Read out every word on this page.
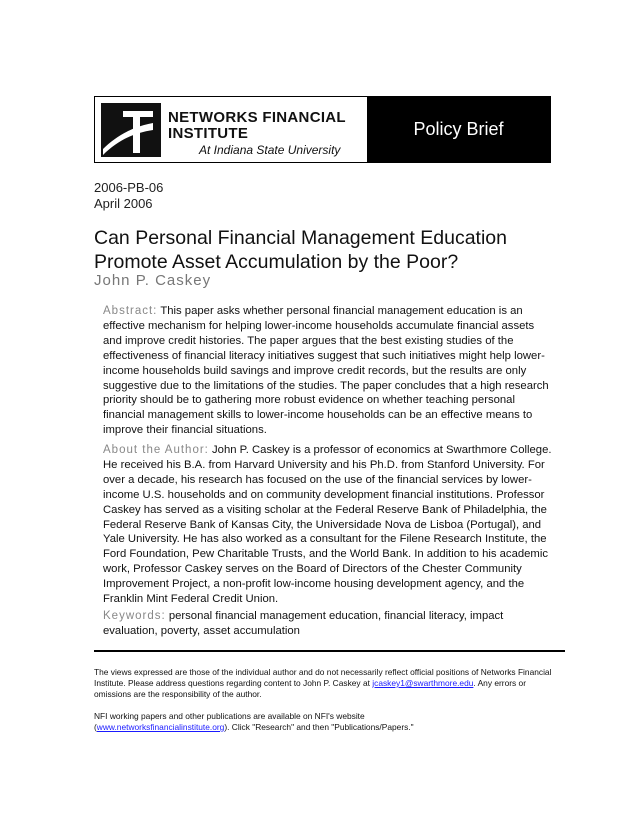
NETWORKS FINANCIAL
INSTITUTE
At Indiana State University
Policy Brief
2006-PB-06
April 2006
Can Personal Financial Management Education Promote Asset Accumulation by the Poor?
John P. Caskey
Abstract: This paper asks whether personal financial management education is an effective mechanism for helping lower-income households accumulate financial assets and improve credit histories. The paper argues that the best existing studies of the effectiveness of financial literacy initiatives suggest that such initiatives might help lower-income households build savings and improve credit records, but the results are only suggestive due to the limitations of the studies. The paper concludes that a high research priority should be to gathering more robust evidence on whether teaching personal financial management skills to lower-income households can be an effective means to improve their financial situations.
About the Author: John P. Caskey is a professor of economics at Swarthmore College. He received his B.A. from Harvard University and his Ph.D. from Stanford University. For over a decade, his research has focused on the use of the financial services by lower-income U.S. households and on community development financial institutions. Professor Caskey has served as a visiting scholar at the Federal Reserve Bank of Philadelphia, the Federal Reserve Bank of Kansas City, the Universidade Nova de Lisboa (Portugal), and Yale University. He has also worked as a consultant for the Filene Research Institute, the Ford Foundation, Pew Charitable Trusts, and the World Bank. In addition to his academic work, Professor Caskey serves on the Board of Directors of the Chester Community Improvement Project, a non-profit low-income housing development agency, and the Franklin Mint Federal Credit Union.
Keywords: personal financial management education, financial literacy, impact evaluation, poverty, asset accumulation
The views expressed are those of the individual author and do not necessarily reflect official positions of Networks Financial Institute. Please address questions regarding content to John P. Caskey at jcaskey1@swarthmore.edu. Any errors or omissions are the responsibility of the author.
NFI working papers and other publications are available on NFI's website
(www.networksfinancialinstitute.org). Click "Research" and then "Publications/Papers."
